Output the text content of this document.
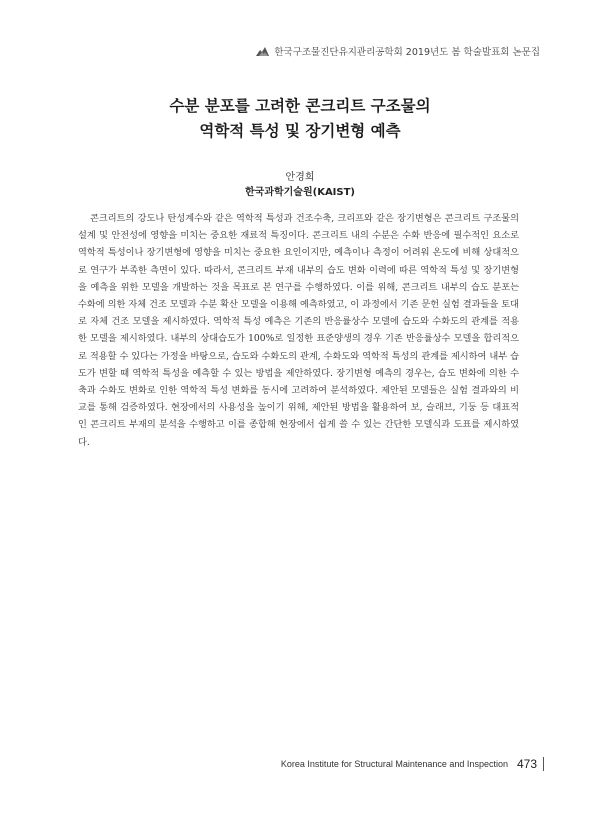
한국구조물진단유지관리공학회 2019년도 봄 학술발표회 논문집
수분 분포를 고려한 콘크리트 구조물의
역학적 특성 및 장기변형 예측
안경희
한국과학기술원(KAIST)
콘크리트의 강도나 탄성계수와 같은 역학적 특성과 건조수축, 크리프와 같은 장기변형은 콘크리트 구조물의 설계 및 안전성에 영향을 미치는 중요한 재료적 특징이다. 콘크리트 내의 수분은 수화 반응에 필수적인 요소로 역학적 특성이나 장기변형에 영향을 미치는 중요한 요인이지만, 예측이나 측정이 어려워 온도에 비해 상대적으로 연구가 부족한 측면이 있다. 따라서, 콘크리트 부재 내부의 습도 변화 이력에 따른 역학적 특성 및 장기변형을 예측을 위한 모델을 개발하는 것을 목표로 본 연구를 수행하였다. 이를 위해, 콘크리트 내부의 습도 분포는 수화에 의한 자체 건조 모델과 수분 확산 모델을 이용해 예측하였고, 이 과정에서 기존 문헌 실험 결과들을 토대로 자체 건조 모델을 제시하였다. 역학적 특성 예측은 기존의 반응률상수 모델에 습도와 수화도의 관계를 적용한 모델을 제시하였다. 내부의 상대습도가 100%로 일정한 표준양생의 경우 기존 반응률상수 모델을 합리적으로 적용할 수 있다는 가정을 바탕으로, 습도와 수화도의 관계, 수화도와 역학적 특성의 관계를 제시하여 내부 습도가 변할 때 역학적 특성을 예측할 수 있는 방법을 제안하였다. 장기변형 예측의 경우는, 습도 변화에 의한 수축과 수화도 변화로 인한 역학적 특성 변화를 동시에 고려하여 분석하였다. 제안된 모델들은 실험 결과와의 비교를 통해 검증하였다. 현장에서의 사용성을 높이기 위해, 제안된 방법을 활용하여 보, 슬래브, 기둥 등 대표적인 콘크리트 부재의 분석을 수행하고 이를 종합해 현장에서 쉽게 쓸 수 있는 간단한 모델식과 도표를 제시하였다.
Korea Institute for Structural Maintenance and Inspection 473
